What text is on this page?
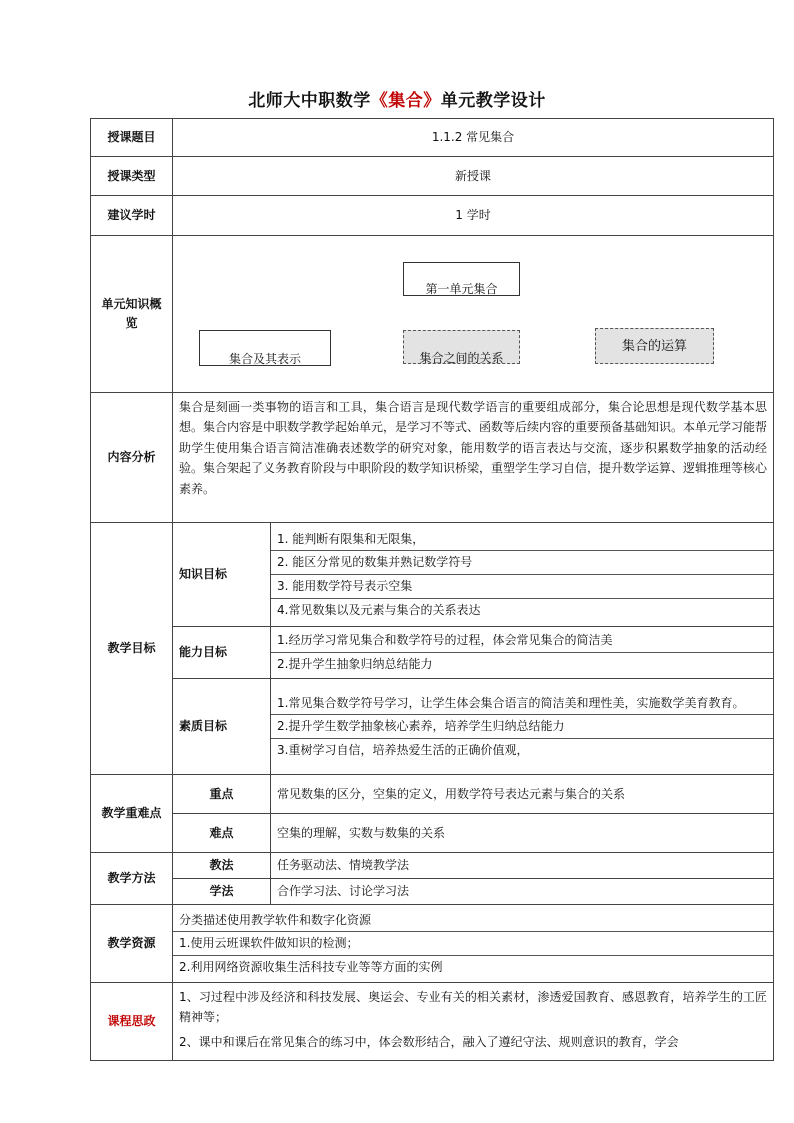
北师大中职数学《集合》单元教学设计
授课题目	1.1.2 常见集合	
授课类型	新授课	
建议学时	1 学时	
单元知识概览	第一单元集合
集合及其表示 集合之间的关系
集合的运算	

内容分析	集合是刻画一类事物的语言和工具，集合语言是现代数学语言的重要组成部分，集合论思想是现代数学基本思想。集合内容是中职数学教学起始单元，是学习不等式、函数等后续内容的重要预备基础知识。本单元学习能帮助学生使用集合语言简洁准确表述数学的研究对象，能用数学的语言表达与交流，逐步积累数学抽象的活动经验。集合架起了义务教育阶段与中职阶段的数学知识桥梁，重塑学生学习自信，提升数学运算、逻辑推理等核心素养。	

教学目标	知识目标	1. 能判断有限集和无限集，
2. 能区分常见的数集并熟记数学符号
3. 能用数学符号表示空集
4.常见数集以及元素与集合的关系表达

	能力目标	1.经历学习常见集合和数学符号的过程，体会常见集合的简洁美
2.提升学生抽象归纳总结能力

	素质目标	1.常见集合数学符号学习，让学生体会集合语言的简洁美和理性美，实施数学美育教育。
2.提升学生数学抽象核心素养，培养学生归纳总结能力
3.重树学习自信，培养热爱生活的正确价值观，

教学重难点	重点	常见数集的区分，空集的定义，用数学符号表达元素与集合的关系
	难点	空集的理解，实数与数集的关系
教学方法	教法	任务驱动法、情境教学法
	学法	合作学习法、讨论学习法
教学资源	分类描述使用教学软件和数字化资源
1.使用云班课软件做知识的检测；
2.利用网络资源收集生活科技专业等等方面的实例	

课程思政	1、习过程中涉及经济和科技发展、奥运会、专业有关的相关素材，渗透爱国教育、感恩教育，培养学生的工匠精神等；
2、课中和课后在常见集合的练习中，体会数形结合，融入了遵纪守法、规则意识的教育，学会	
